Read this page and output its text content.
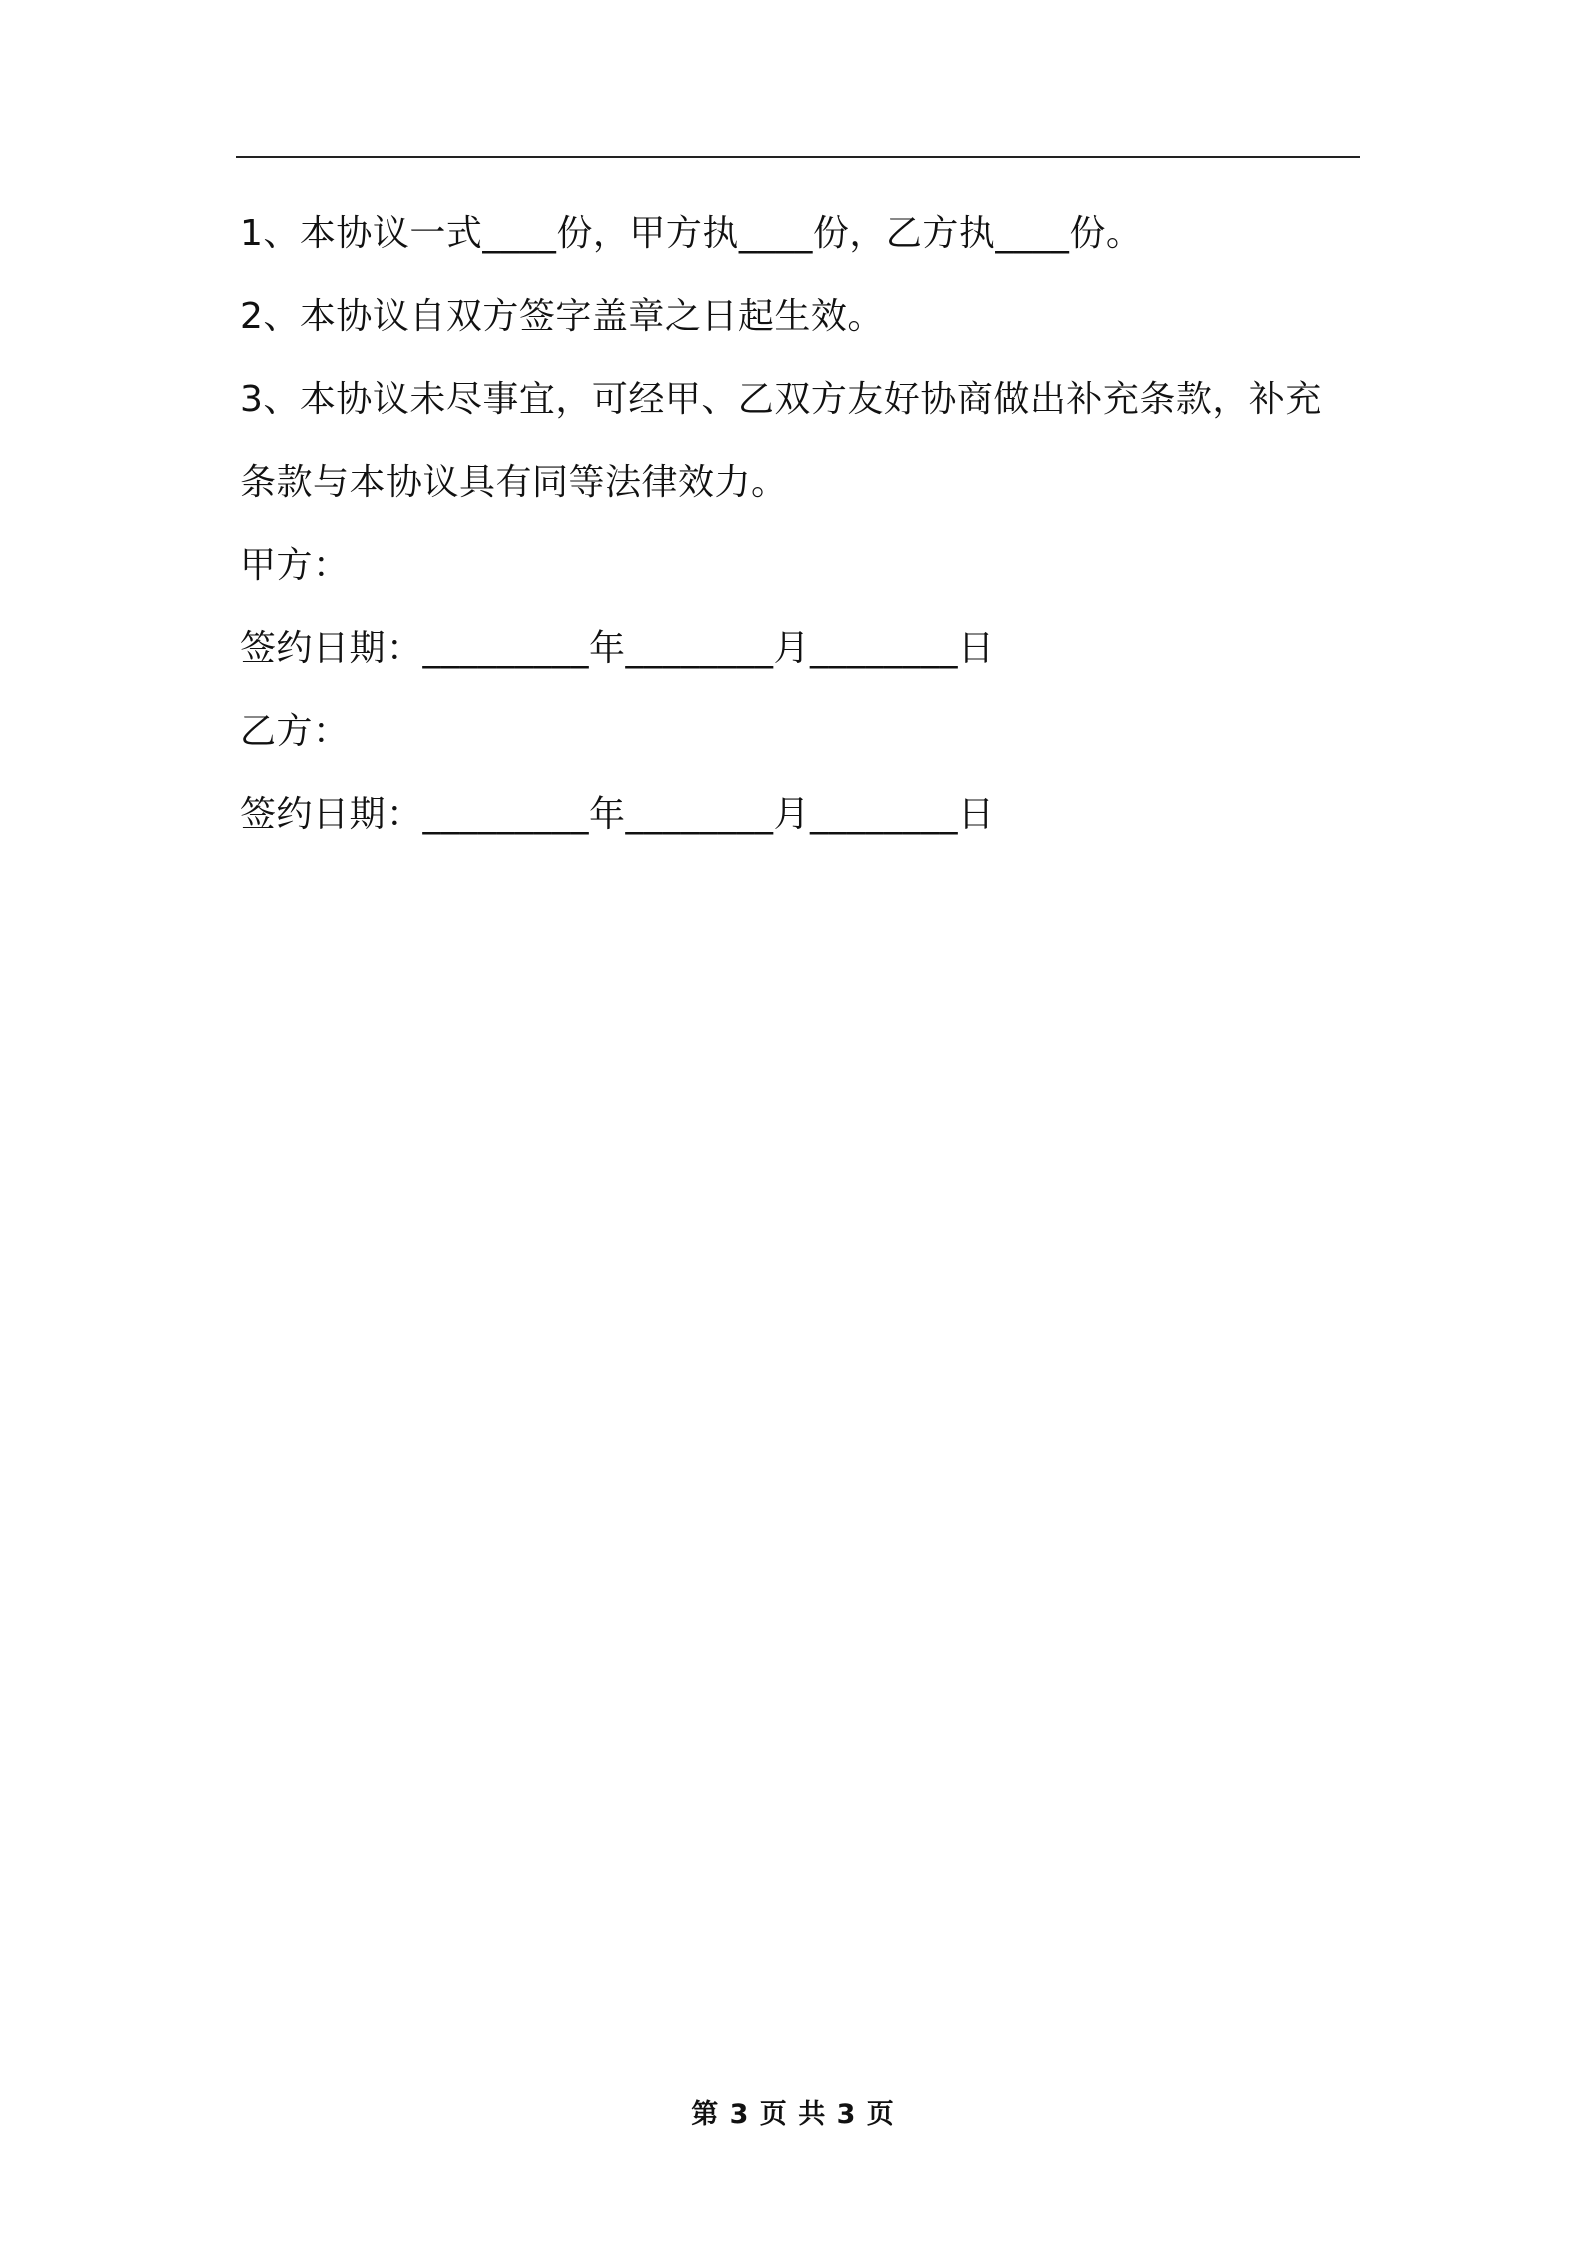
1、本协议一式____份，甲方执____份，乙方执____份。
2、本协议自双方签字盖章之日起生效。
3、本协议未尽事宜，可经甲、乙双方友好协商做出补充条款，补充
条款与本协议具有同等法律效力。
甲方：
签约日期：_________年________月________日
乙方：
签约日期：_________年________月________日
第 3 页 共 3 页
